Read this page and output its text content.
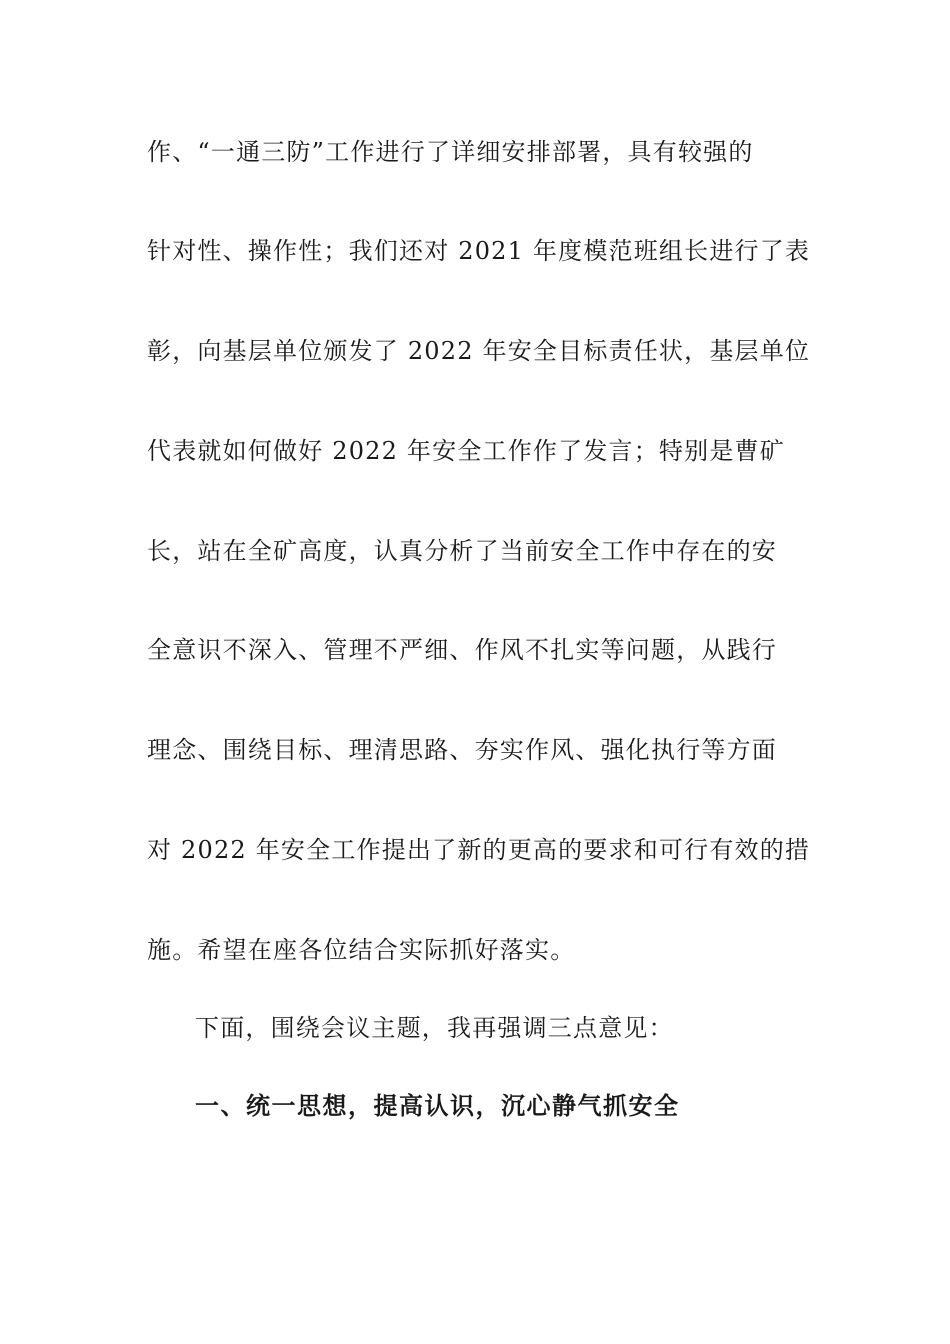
作、“一通三防”工作进行了详细安排部署，具有较强的
针对性、操作性；我们还对 2021 年度模范班组长进行了表
彰，向基层单位颁发了 2022 年安全目标责任状，基层单位
代表就如何做好 2022 年安全工作作了发言；特别是曹矿
长，站在全矿高度，认真分析了当前安全工作中存在的安
全意识不深入、管理不严细、作风不扎实等问题，从践行
理念、围绕目标、理清思路、夯实作风、强化执行等方面
对 2022 年安全工作提出了新的更高的要求和可行有效的措
施。希望在座各位结合实际抓好落实。
下面，围绕会议主题，我再强调三点意见：
一、统一思想，提高认识，沉心静气抓安全
